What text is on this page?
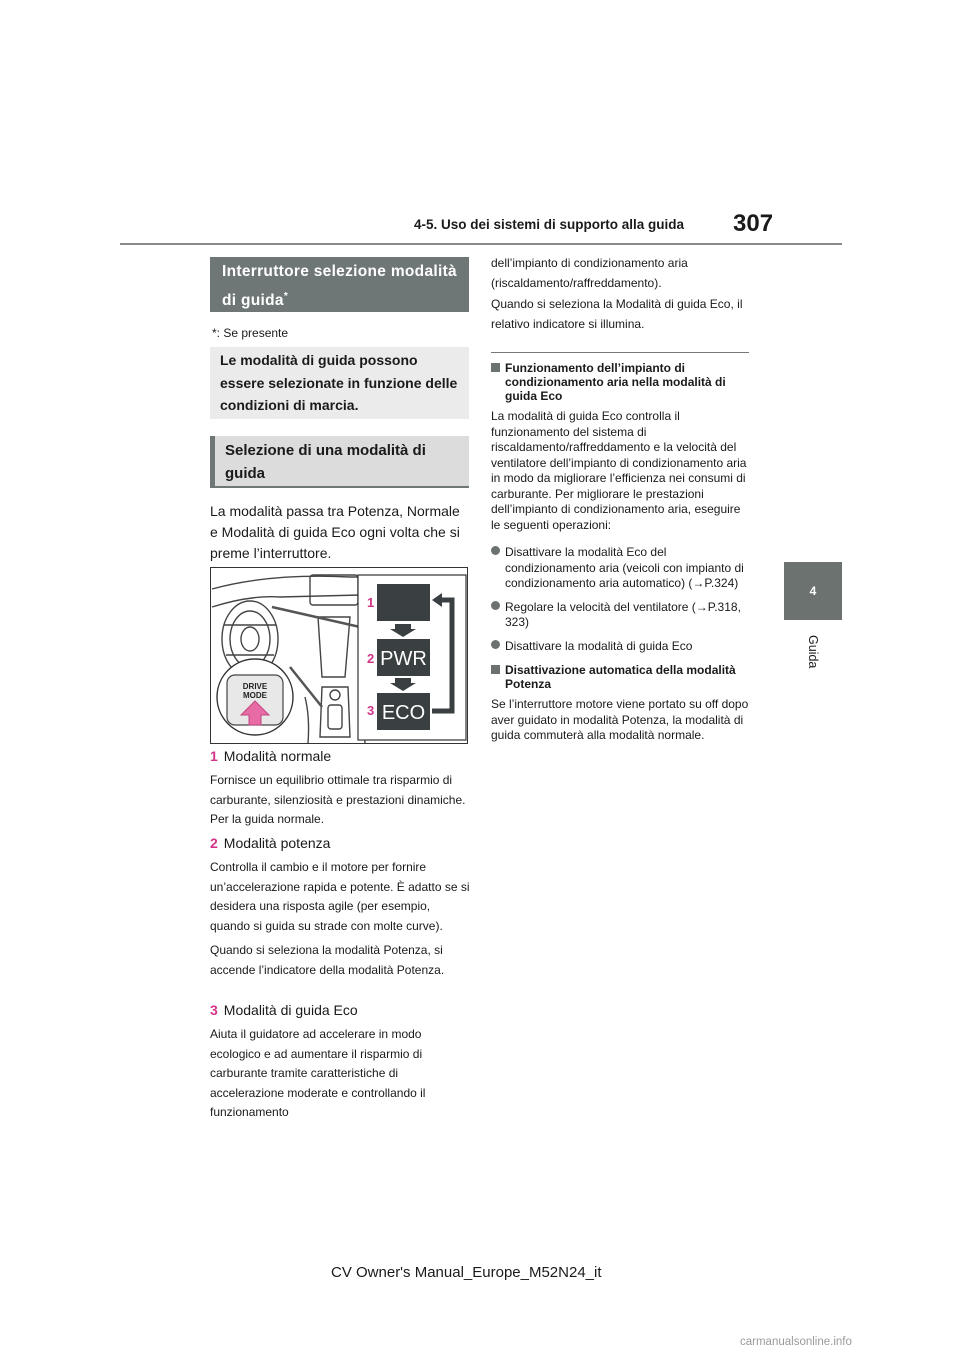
4-5. Uso dei sistemi di supporto alla guida 307
4
Guida
Interruttore selezione modalità di guida*
*: Se presente
Le modalità di guida possono essere selezionate in funzione delle condizioni di marcia.
Selezione di una modalità di guida
La modalità passa tra Potenza, Normale e Modalità di guida Eco ogni volta che si preme l’interruttore.
DRIVE
MODE
1
2 PWR
3 ECO
1 Modalità normale
Fornisce un equilibrio ottimale tra risparmio di carburante, silenziosità e prestazioni dinamiche. Per la guida normale.
2 Modalità potenza
Controlla il cambio e il motore per fornire un’accelerazione rapida e potente. È adatto se si desidera una risposta agile (per esempio, quando si guida su strade con molte curve).
Quando si seleziona la modalità Potenza, si accende l’indicatore della modalità Potenza.
3 Modalità di guida Eco
Aiuta il guidatore ad accelerare in modo ecologico e ad aumentare il risparmio di carburante tramite caratteristiche di accelerazione moderate e controllando il funzionamento
dell’impianto di condizionamento aria (riscaldamento/raffreddamento).
Quando si seleziona la Modalità di guida Eco, il relativo indicatore si illumina.
Funzionamento dell’impianto di condizionamento aria nella modalità di guida Eco
La modalità di guida Eco controlla il funzionamento del sistema di riscaldamento/raffreddamento e la velocità del ventilatore dell’impianto di condizionamento aria in modo da migliorare l’efficienza nei consumi di carburante. Per migliorare le prestazioni dell’impianto di condizionamento aria, eseguire le seguenti operazioni:
Disattivare la modalità Eco del condizionamento aria (veicoli con impianto di condizionamento aria automatico) (→P.324)
Regolare la velocità del ventilatore (→P.318, 323)
Disattivare la modalità di guida Eco
Disattivazione automatica della modalità Potenza
Se l’interruttore motore viene portato su off dopo aver guidato in modalità Potenza, la modalità di guida commuterà alla modalità normale.
CV Owner's Manual_Europe_M52N24_it
carmanualsonline.info
